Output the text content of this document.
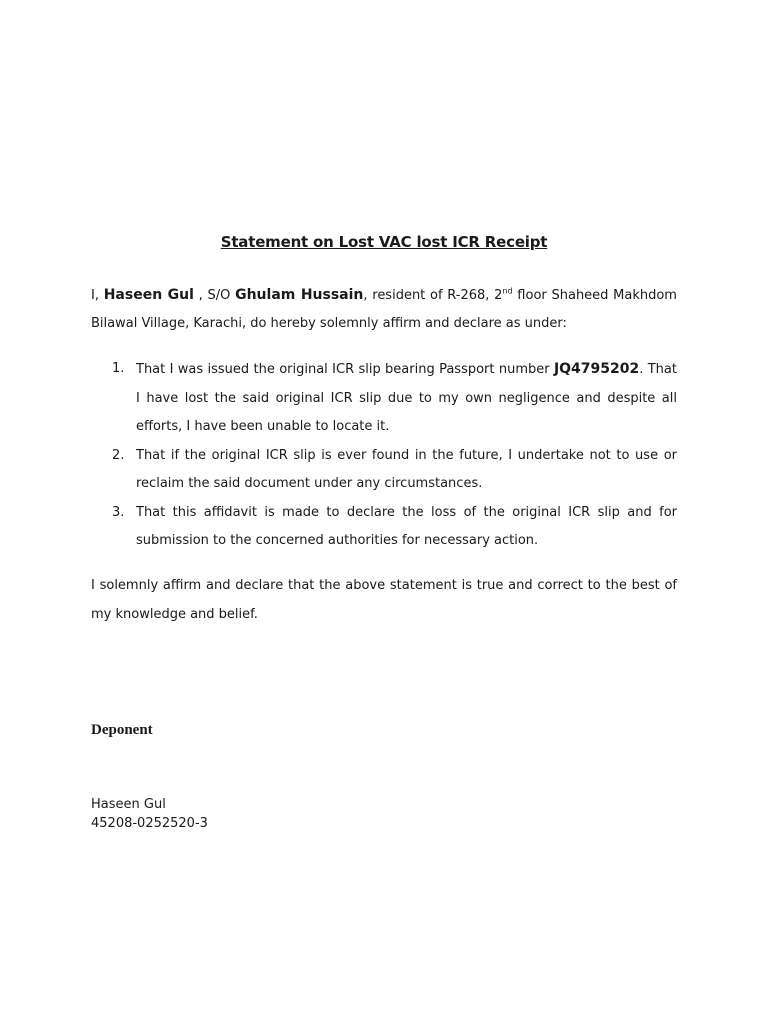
Statement on Lost VAC lost ICR Receipt

I, Haseen Gul , S/O Ghulam Hussain, resident of R-268, 2nd floor Shaheed Makhdom Bilawal Village, Karachi, do hereby solemnly affirm and declare as under:

1. That I was issued the original ICR slip bearing Passport number JQ4795202. That I have lost the said original ICR slip due to my own negligence and despite all efforts, I have been unable to locate it.
2. That if the original ICR slip is ever found in the future, I undertake not to use or reclaim the said document under any circumstances.
3. That this affidavit is made to declare the loss of the original ICR slip and for submission to the concerned authorities for necessary action.

I solemnly affirm and declare that the above statement is true and correct to the best of my knowledge and belief.

Deponent
Haseen Gul
45208-0252520-3
